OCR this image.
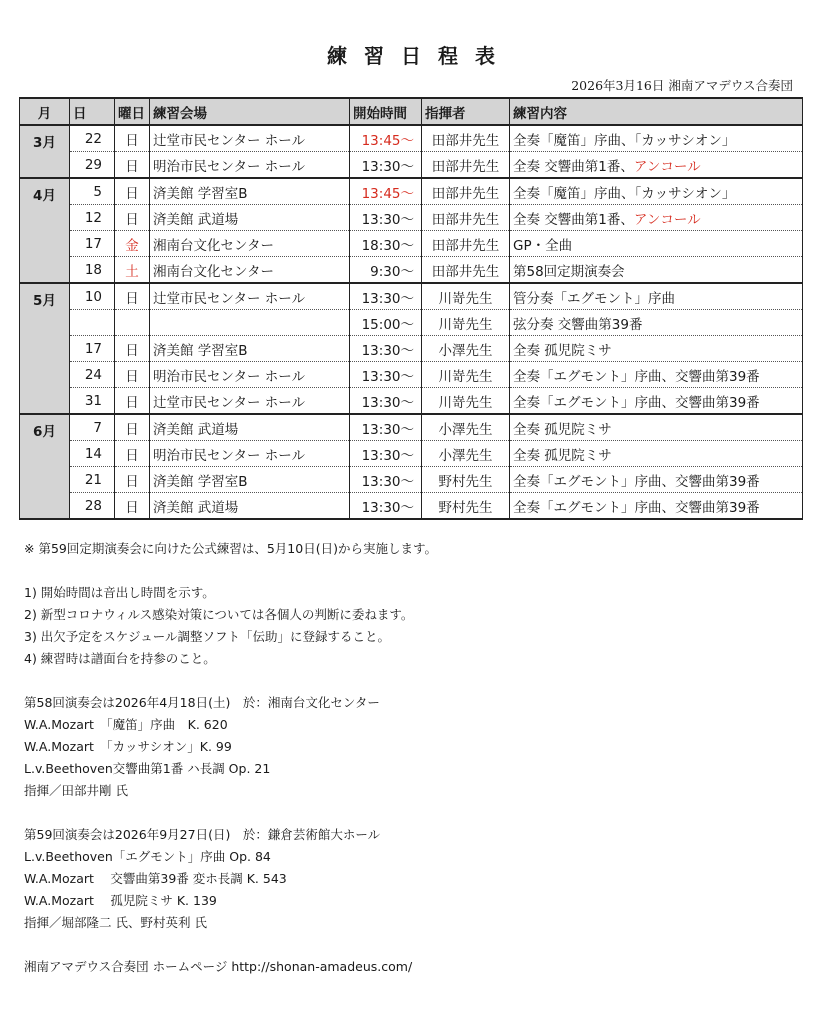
練習日程表
2026年3月16日 湘南アマデウス合奏団
月	日	曜日	練習会場	開始時間	指揮者	練習内容
3月	22	日	辻堂市民センター ホール	13:45〜	田部井先生	全奏「魔笛」序曲、「カッサシオン」
	29	日	明治市民センター ホール	13:30〜	田部井先生	全奏 交響曲第1番、アンコール
4月	5	日	済美館 学習室B	13:45〜	田部井先生	全奏「魔笛」序曲、「カッサシオン」
	12	日	済美館 武道場	13:30〜	田部井先生	全奏 交響曲第1番、アンコール
	17	金	湘南台文化センター	18:30〜	田部井先生	GP・全曲
	18	土	湘南台文化センター	9:30〜	田部井先生	第58回定期演奏会
5月	10	日	辻堂市民センター ホール	13:30〜	川嵜先生	管分奏「エグモント」序曲
				15:00〜	川嵜先生	弦分奏 交響曲第39番
	17	日	済美館 学習室B	13:30〜	小澤先生	全奏 孤児院ミサ
	24	日	明治市民センター ホール	13:30〜	川嵜先生	全奏「エグモント」序曲、交響曲第39番
	31	日	辻堂市民センター ホール	13:30〜	川嵜先生	全奏「エグモント」序曲、交響曲第39番
6月	7	日	済美館 武道場	13:30〜	小澤先生	全奏 孤児院ミサ
	14	日	明治市民センター ホール	13:30〜	小澤先生	全奏 孤児院ミサ
	21	日	済美館 学習室B	13:30〜	野村先生	全奏「エグモント」序曲、交響曲第39番
	28	日	済美館 武道場	13:30〜	野村先生	全奏「エグモント」序曲、交響曲第39番

※ 第59回定期演奏会に向けた公式練習は、5月10日(日)から実施します。

1) 開始時間は音出し時間を示す。

2) 新型コロナウィルス感染対策については各個人の判断に委ねます。

3) 出欠予定をスケジュール調整ソフト「伝助」に登録すること。

4) 練習時は譜面台を持参のこと。

第58回演奏会は2026年4月18日(土)　於：湘南台文化センター

W.A.Mozart　「魔笛」序曲　K. 620

W.A.Mozart　「カッサシオン」K. 99

L.v.Beethoven交響曲第1番 ハ長調 Op. 21

指揮／田部井剛 氏

第59回演奏会は2026年9月27日(日)　於：鎌倉芸術館大ホール

L.v.Beethoven「エグモント」序曲 Op. 84

W.A.Mozart　 交響曲第39番 変ホ長調 K. 543

W.A.Mozart　 孤児院ミサ K. 139

指揮／堀部隆二 氏、野村英利 氏

湘南アマデウス合奏団 ホームページ http://shonan-amadeus.com/
